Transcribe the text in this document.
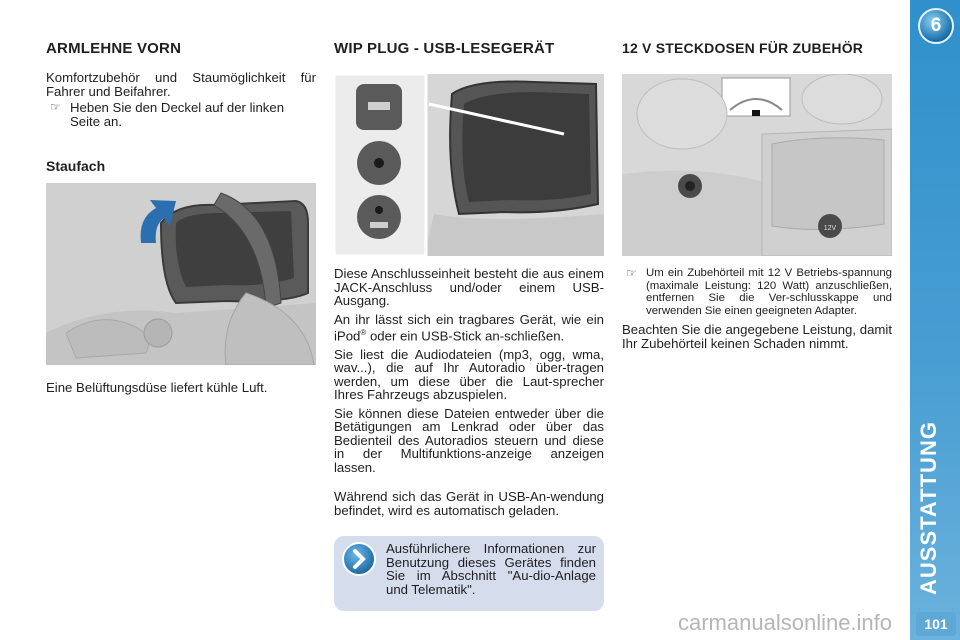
ARMLEHNE VORN

Komfortzubehör und Staumöglichkeit für Fahrer und Beifahrer.

☞ Heben Sie den Deckel auf der linken Seite an.
Staufach

Eine Belüftungsdüse liefert kühle Luft.

WIP PLUG - USB-LESEGERÄT

Diese Anschlusseinheit besteht die aus einem JACK-Anschluss und/oder einem USB-Ausgang.

An ihr lässt sich ein tragbares Gerät, wie ein iPod® oder ein USB-Stick an-schließen.

Sie liest die Audiodateien (mp3, ogg, wma, wav...), die auf Ihr Autoradio über-tragen werden, um diese über die Laut-sprecher Ihres Fahrzeugs abzuspielen.

Sie können diese Dateien entweder über die Betätigungen am Lenkrad oder über das Bedienteil des Autoradios steuern und diese in der Multifunktions-anzeige anzeigen lassen.

Während sich das Gerät in USB-An-wendung befindet, wird es automatisch geladen.

Ausführlichere Informationen zur Benutzung dieses Gerätes finden Sie im Abschnitt "Au-dio-Anlage und Telematik".
12 V STECKDOSEN FÜR ZUBEHÖR
12V
☞ Um ein Zubehörteil mit 12 V Betriebs-spannung (maximale Leistung: 120 Watt) anzuschließen, entfernen Sie die Ver-schlusskappe und verwenden Sie einen geeigneten Adapter.

Beachten Sie die angegebene Leistung, damit Ihr Zubehörteil keinen Schaden nimmt.

6
AUSSTATTUNG
101
carmanualsonline.info
